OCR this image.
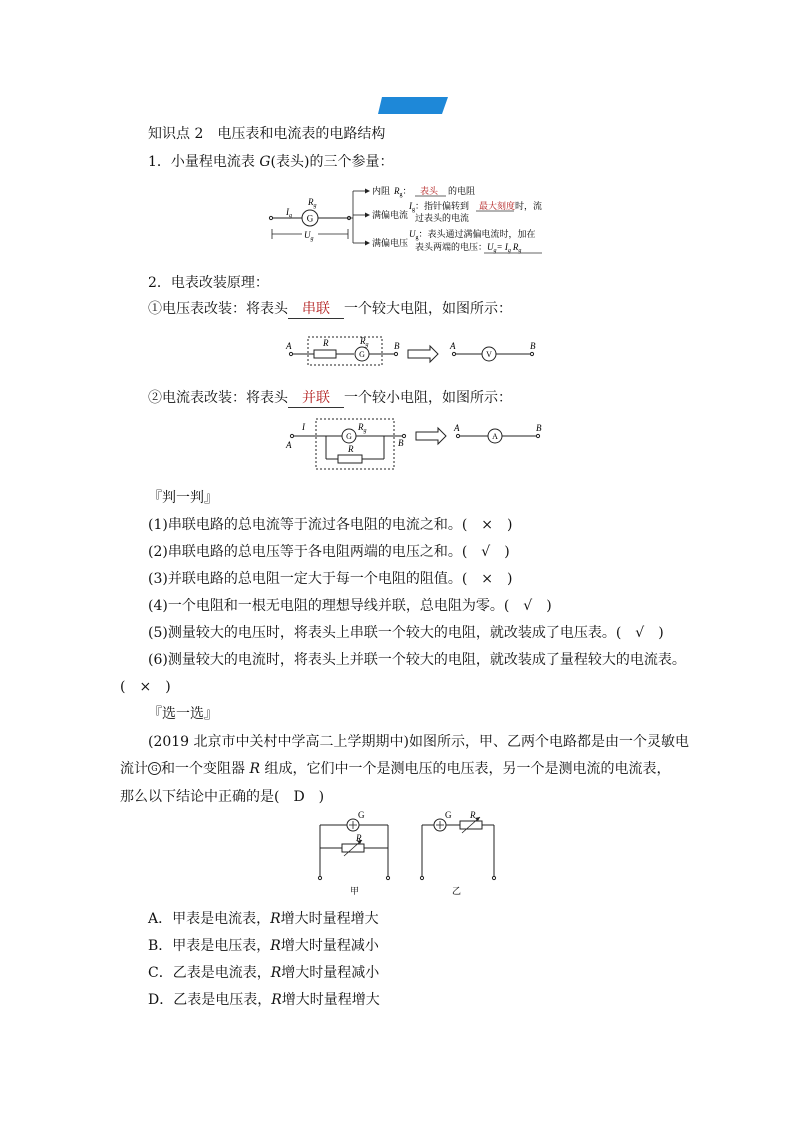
知识点 2　电压表和电流表的电路结构
1．小量程电流表 G(表头)的三个参量：
G
$I_g$
$R_g$
$U_g$
内阻 $R_g$： 表头 的电阻
满偏电流
$I_g$：指针偏转到 最大刻度 时，流
过表头的电流
满偏电压
$U_g$：表头通过满偏电流时，加在
表头两端的电压： $U_g= I_g$ $R_g$
2．电表改装原理：
①电压表改装：将表头 串联 一个较大电阻，如图所示：
A	R
G
$R_g$	B	A
V
B
②电流表改装：将表头 并联 一个较小电阻，如图所示：
I
A
G
$R_g$
R
B
A
A
B
『判一判』
(1)串联电路的总电流等于流过各电阻的电流之和。(　×　)
(2)串联电路的总电压等于各电阻两端的电压之和。(　√　)
(3)并联电路的总电阻一定大于每一个电阻的阻值。(　×　)
(4)一个电阻和一根无电阻的理想导线并联，总电阻为零。(　√　)
(5)测量较大的电压时，将表头上串联一个较大的电阻，就改装成了电压表。(　√　)
(6)测量较大的电流时，将表头上并联一个较大的电阻，就改装成了量程较大的电流表。
(　×　)
『选一选』
(2019 北京市中关村中学高二上学期期中)如图所示，甲、乙两个电路都是由一个灵敏电
流计 G 和一个变阻器 R 组成，它们中一个是测电压的电压表，另一个是测电流的电流表，
那么以下结论中正确的是(　D　)
G
R
甲
G R
乙
A．甲表是电流表，R增大时量程增大
B．甲表是电压表，R增大时量程减小
C．乙表是电流表，R增大时量程减小
D．乙表是电压表，R增大时量程增大
